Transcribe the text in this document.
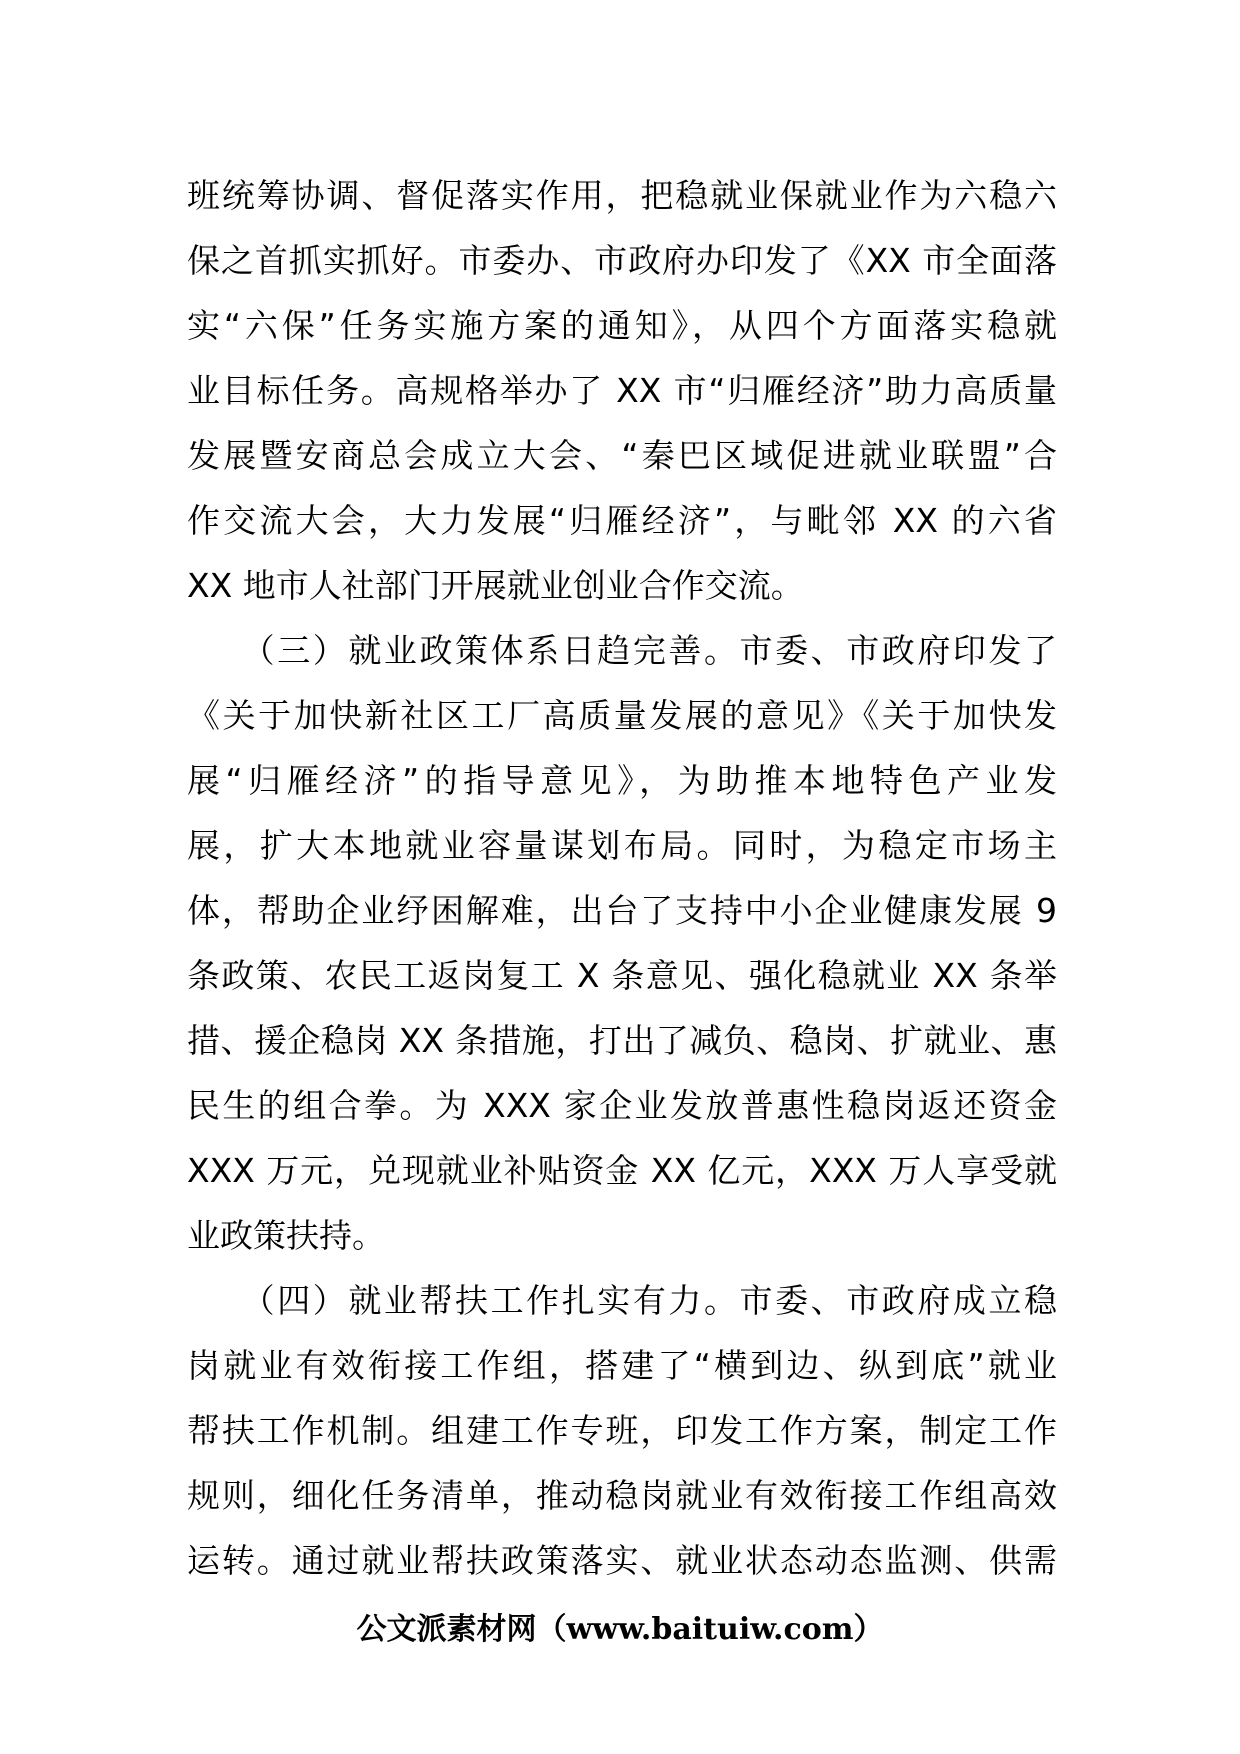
班统筹协调、督促落实作用，把稳就业保就业作为六稳六
保之首抓实抓好。市委办、市政府办印发了《XX 市全面落
实“六保”任务实施方案的通知》，从四个方面落实稳就
业目标任务。高规格举办了 XX 市“归雁经济”助力高质量
发展暨安商总会成立大会、“秦巴区域促进就业联盟”合
作交流大会，大力发展“归雁经济”，与毗邻 XX 的六省
XX 地市人社部门开展就业创业合作交流。
　　（三）就业政策体系日趋完善。市委、市政府印发了
《关于加快新社区工厂高质量发展的意见》《关于加快发
展“归雁经济”的指导意见》，为助推本地特色产业发
展，扩大本地就业容量谋划布局。同时，为稳定市场主
体，帮助企业纾困解难，出台了支持中小企业健康发展 9
条政策、农民工返岗复工 X 条意见、强化稳就业 XX 条举
措、援企稳岗 XX 条措施，打出了减负、稳岗、扩就业、惠
民生的组合拳。为 XXX 家企业发放普惠性稳岗返还资金
XXX 万元，兑现就业补贴资金 XX 亿元，XXX 万人享受就
业政策扶持。
　　（四）就业帮扶工作扎实有力。市委、市政府成立稳
岗就业有效衔接工作组，搭建了“横到边、纵到底”就业
帮扶工作机制。组建工作专班，印发工作方案，制定工作
规则，细化任务清单，推动稳岗就业有效衔接工作组高效
运转。通过就业帮扶政策落实、就业状态动态监测、供需
公文派素材网（www.baituiw.com）
